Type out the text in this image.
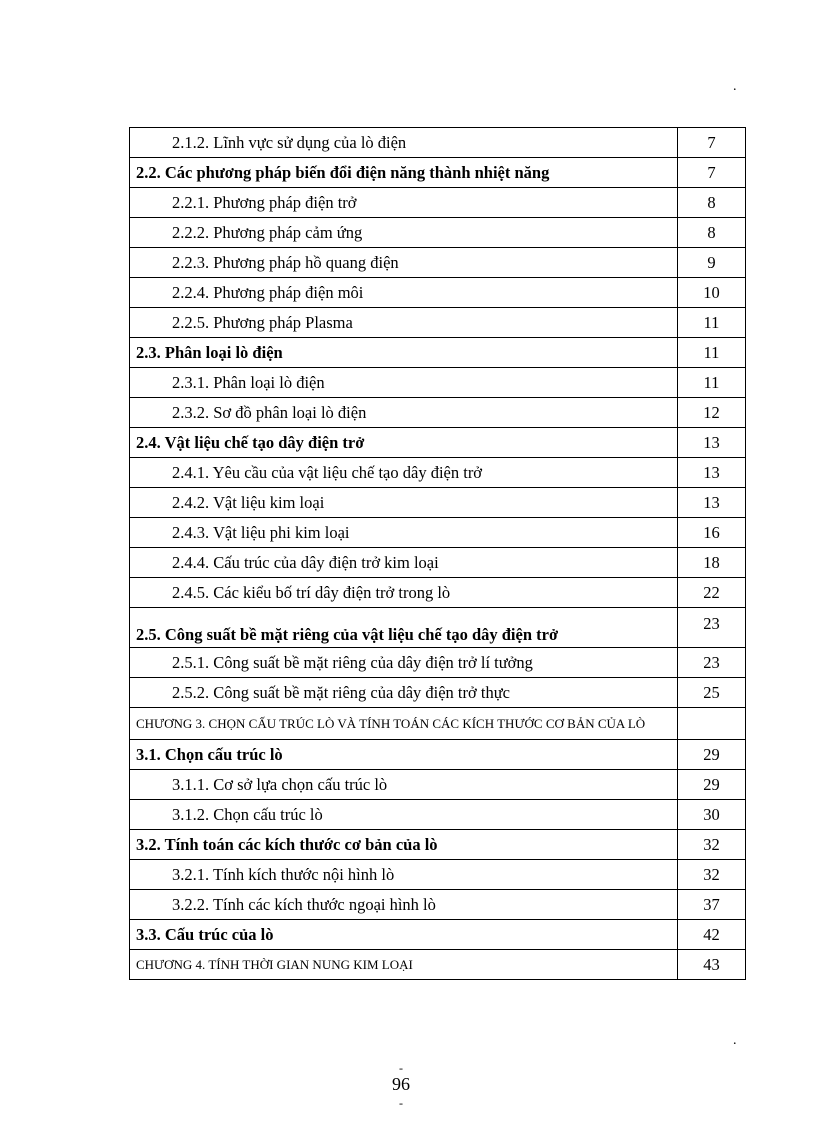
.
2.1.2. Lĩnh vực sử dụng của lò điện	7
2.2. Các phương pháp biến đổi điện năng thành nhiệt năng	7
2.2.1. Phương pháp điện trở	8
2.2.2. Phương pháp cảm ứng	8
2.2.3. Phương pháp hồ quang điện	9
2.2.4. Phương pháp điện môi	10
2.2.5. Phương pháp Plasma	11
2.3. Phân loại lò điện	11
2.3.1. Phân loại lò điện	11
2.3.2. Sơ đồ phân loại lò điện	12
2.4. Vật liệu chế tạo dây điện trở	13
2.4.1. Yêu cầu của vật liệu chế tạo dây điện trở	13
2.4.2. Vật liệu kim loại	13
2.4.3. Vật liệu phi kim loại	16
2.4.4. Cấu trúc của dây điện trở kim loại	18
2.4.5. Các kiểu bố trí dây điện trở trong lò	22
2.5. Công suất bề mặt riêng của vật liệu chế tạo dây điện trở	23
2.5.1. Công suất bề mặt riêng của dây điện trở lí tưởng	23
2.5.2. Công suất bề mặt riêng của dây điện trở thực	25
CHƯƠNG 3. CHỌN CẤU TRÚC LÒ VÀ TÍNH TOÁN CÁC KÍCH THƯỚC CƠ BẢN CỦA LÒ	
3.1. Chọn cấu trúc lò	29
3.1.1. Cơ sở lựa chọn cấu trúc lò	29
3.1.2. Chọn cấu trúc lò	30
3.2. Tính toán các kích thước cơ bản của lò	32
3.2.1. Tính kích thước nội hình lò	32
3.2.2. Tính các kích thước ngoại hình lò	37
3.3. Cấu trúc của lò	42
CHƯƠNG 4. TÍNH THỜI GIAN NUNG KIM LOẠI	43
.
-
96
-
